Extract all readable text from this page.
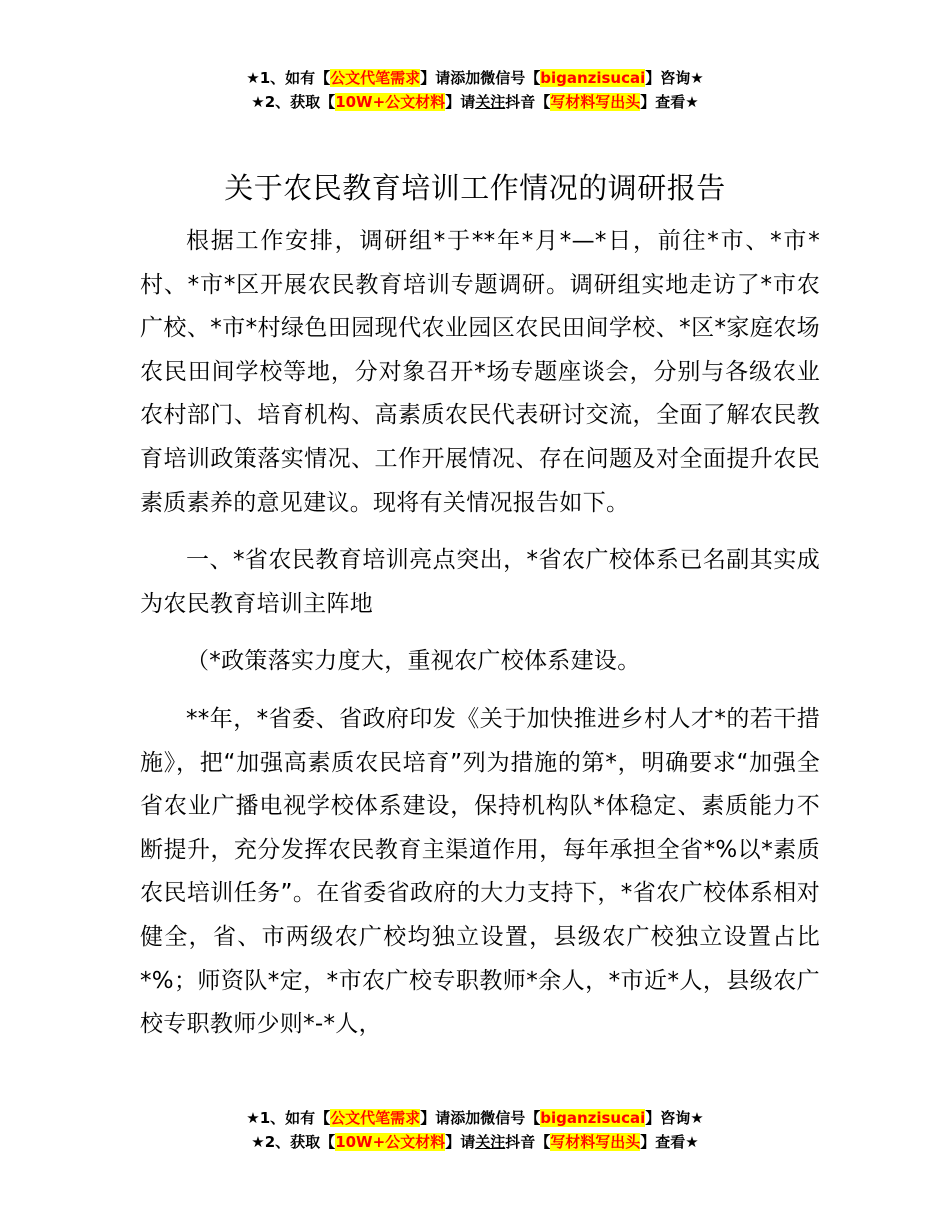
★1、如有【公文代笔需求】请添加微信号【biganzisucai】咨询★
★2、获取【10W+公文材料】请关注抖音【写材料写出头】查看★
关于农民教育培训工作情况的调研报告

根据工作安排，调研组*于**年*月*—*日，前往*市、*市*村、*市*区开展农民教育培训专题调研。调研组实地走访了*市农广校、*市*村绿色田园现代农业园区农民田间学校、*区*家庭农场农民田间学校等地，分对象召开*场专题座谈会，分别与各级农业农村部门、培育机构、高素质农民代表研讨交流，全面了解农民教育培训政策落实情况、工作开展情况、存在问题及对全面提升农民素质素养的意见建议。现将有关情况报告如下。

一、*省农民教育培训亮点突出，*省农广校体系已名副其实成为农民教育培训主阵地

（*政策落实力度大，重视农广校体系建设。

**年，*省委、省政府印发《关于加快推进乡村人才*的若干措施》，把“加强高素质农民培育”列为措施的第*，明确要求“加强全省农业广播电视学校体系建设，保持机构队*体稳定、素质能力不断提升，充分发挥农民教育主渠道作用，每年承担全省*%以*素质农民培训任务”。在省委省政府的大力支持下，*省农广校体系相对健全，省、市两级农广校均独立设置，县级农广校独立设置占比*%；师资队*定，*市农广校专职教师*余人，*市近*人，县级农广校专职教师少则*-*人，

★1、如有【公文代笔需求】请添加微信号【biganzisucai】咨询★
★2、获取【10W+公文材料】请关注抖音【写材料写出头】查看★
